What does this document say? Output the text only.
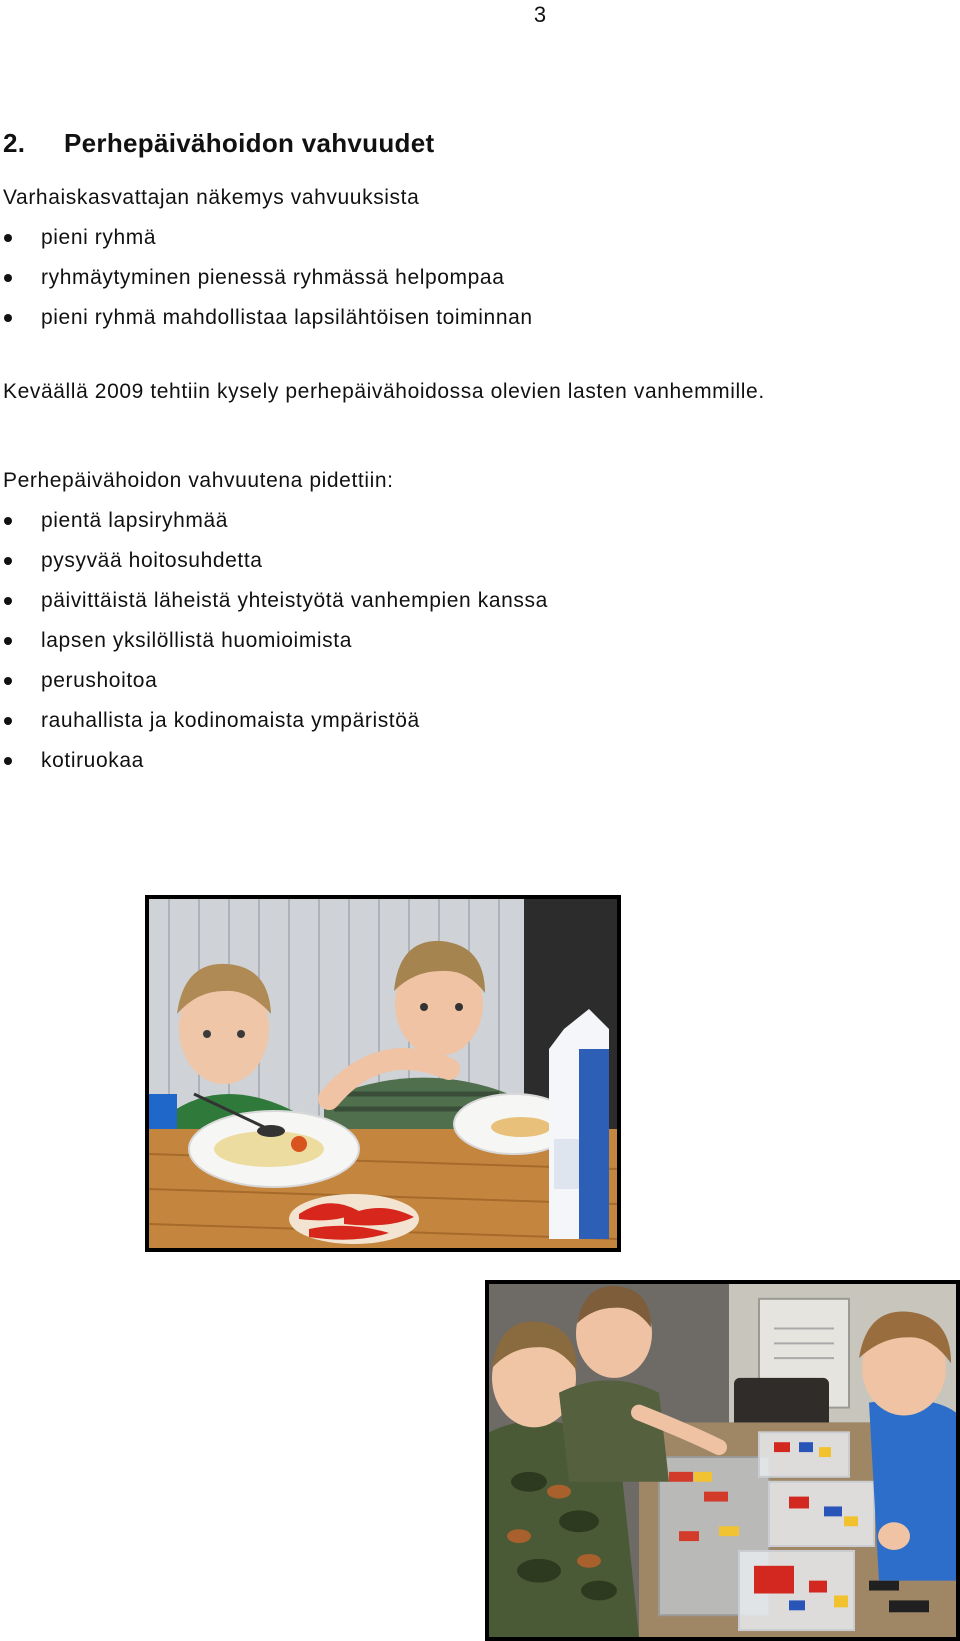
3
2. Perhepäivähoidon vahvuudet

Varhaiskasvattajan näkemys vahvuuksista

pieni ryhmä
ryhmäytyminen pienessä ryhmässä helpompaa
pieni ryhmä mahdollistaa lapsilähtöisen toiminnan

Keväällä 2009 tehtiin kysely perhepäivähoidossa olevien lasten vanhemmille.

Perhepäivähoidon vahvuutena pidettiin:

pientä lapsiryhmää
pysyvää hoitosuhdetta
päivittäistä läheistä yhteistyötä vanhempien kanssa
lapsen yksilöllistä huomioimista
perushoitoa
rauhallista ja kodinomaista ympäristöä
kotiruokaa
